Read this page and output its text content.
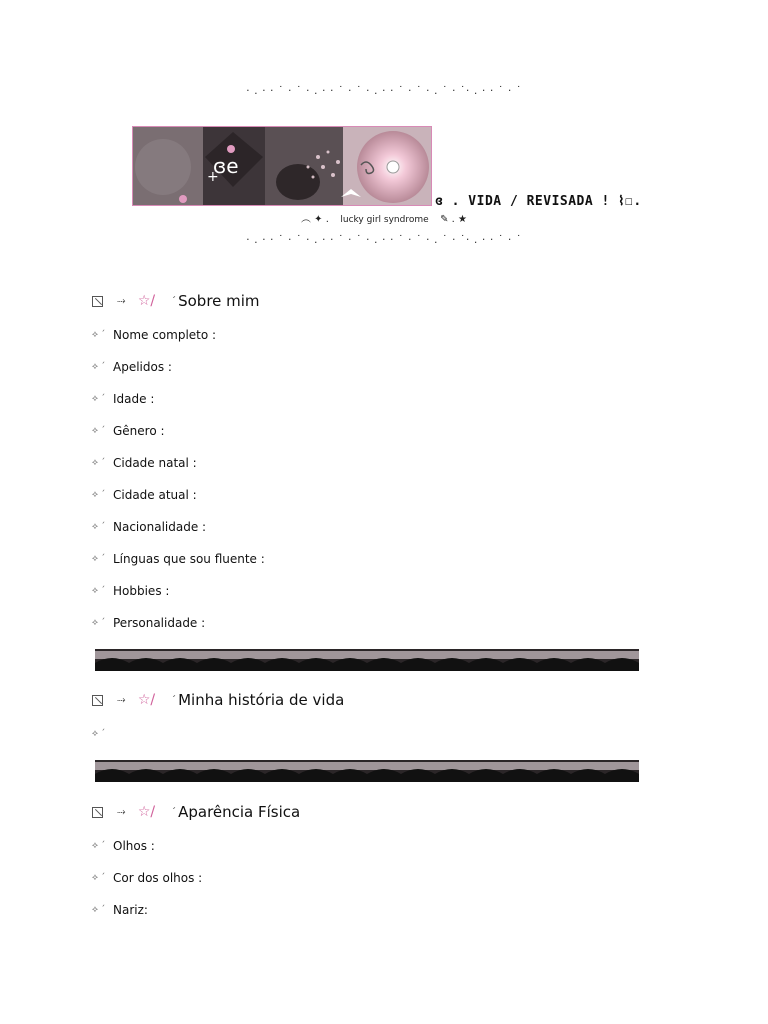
· . · · ˙ · ˙ · . · · ˙ · ˙ · . · · ˙ · ˙ · . ˙ · ˙· . · · ˙ · ˙
ɞe
+
ɞ . VIDA / REVISADA ! ⌇☐.
︵ ✦ . lucky girl syndrome ✎ . ★
· . · · ˙ · ˙ · . · · ˙ · ˙ · . · · ˙ · ˙ · . ˙ · ˙· . · · ˙ · ˙
⤑ ☆/ ˊ Sobre mim
⟡ ˊ Nome completo :
⟡ ˊ Apelidos :
⟡ ˊ Idade :
⟡ ˊ Gênero :
⟡ ˊ Cidade natal :
⟡ ˊ Cidade atual :
⟡ ˊ Nacionalidade :
⟡ ˊ Línguas que sou fluente :
⟡ ˊ Hobbies :
⟡ ˊ Personalidade :
⤑ ☆/ ˊ Minha história de vida
⟡ ˊ
⤑ ☆/ ˊ Aparência Física
⟡ ˊ Olhos :
⟡ ˊ Cor dos olhos :
⟡ ˊ Nariz:
